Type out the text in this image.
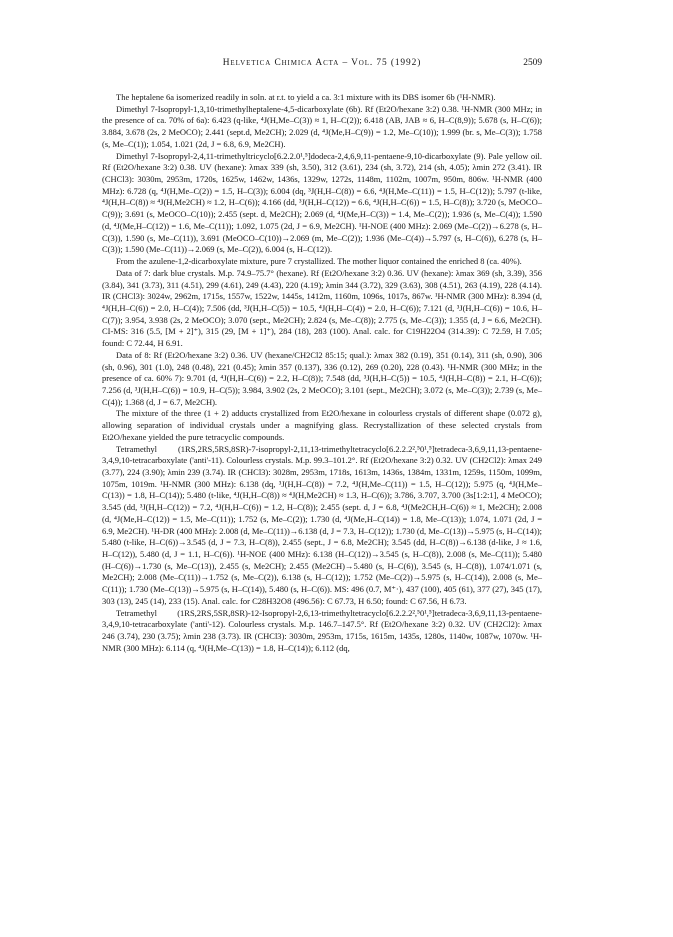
Helvetica Chimica Acta – Vol. 75 (1992)	2509

The heptalene 6a isomerized readily in soln. at r.t. to yield a ca. 3:1 mixture with its DBS isomer 6b (¹H-NMR).

Dimethyl 7-Isopropyl-1,3,10-trimethylheptalene-4,5-dicarboxylate (6b). Rf (Et2O/hexane 3:2) 0.38. ¹H-NMR (300 MHz; in the presence of ca. 70% of 6a): 6.423 (q-like, ⁴J(H,Me–C(3)) ≈ 1, H–C(2)); 6.418 (AB, JAB ≈ 6, H–C(8,9)); 5.678 (s, H–C(6)); 3.884, 3.678 (2s, 2 MeOCO); 2.441 (sept.d, Me2CH); 2.029 (d, ⁴J(Me,H–C(9)) = 1.2, Me–C(10)); 1.999 (br. s, Me–C(3)); 1.758 (s, Me–C(1)); 1.054, 1.021 (2d, J = 6.8, 6.9, Me2CH).

Dimethyl 7-Isopropyl-2,4,11-trimethyltricyclo[6.2.2.0¹,⁵]dodeca-2,4,6,9,11-pentaene-9,10-dicarboxylate (9). Pale yellow oil. Rf (Et2O/hexane 3:2) 0.38. UV (hexane): λmax 339 (sh, 3.50), 312 (3.61), 234 (sh, 3.72), 214 (sh, 4.05); λmin 272 (3.41). IR (CHCl3): 3030m, 2953m, 1720s, 1625w, 1462w, 1436s, 1329w, 1272s, 1148m, 1102m, 1007m, 950m, 806w. ¹H-NMR (400 MHz): 6.728 (q, ⁴J(H,Me–C(2)) = 1.5, H–C(3)); 6.004 (dq, ³J(H,H–C(8)) = 6.6, ⁴J(H,Me–C(11)) = 1.5, H–C(12)); 5.797 (t-like, ⁴J(H,H–C(8)) ≈ ⁴J(H,Me2CH) ≈ 1.2, H–C(6)); 4.166 (dd, ³J(H,H–C(12)) = 6.6, ⁴J(H,H–C(6)) = 1.5, H–C(8)); 3.720 (s, MeOCO–C(9)); 3.691 (s, MeOCO–C(10)); 2.455 (sept. d, Me2CH); 2.069 (d, ⁴J(Me,H–C(3)) = 1.4, Me–C(2)); 1.936 (s, Me–C(4)); 1.590 (d, ⁴J(Me,H–C(12)) = 1.6, Me–C(11)); 1.092, 1.075 (2d, J = 6.9, Me2CH). ¹H-NOE (400 MHz): 2.069 (Me–C(2))→6.278 (s, H–C(3)), 1.590 (s, Me–C(11)), 3.691 (MeOCO–C(10))→2.069 (m, Me–C(2)); 1.936 (Me–C(4))→5.797 (s, H–C(6)), 6.278 (s, H–C(3)); 1.590 (Me–C(11))→2.069 (s, Me–C(2)), 6.004 (s, H–C(12)).

From the azulene-1,2-dicarboxylate mixture, pure 7 crystallized. The mother liquor contained the enriched 8 (ca. 40%).

Data of 7: dark blue crystals. M.p. 74.9–75.7° (hexane). Rf (Et2O/hexane 3:2) 0.36. UV (hexane): λmax 369 (sh, 3.39), 356 (3.84), 341 (3.73), 311 (4.51), 299 (4.61), 249 (4.43), 220 (4.19); λmin 344 (3.72), 329 (3.63), 308 (4.51), 263 (4.19), 228 (4.14). IR (CHCl3): 3024w, 2962m, 1715s, 1557w, 1522w, 1445s, 1412m, 1160m, 1096s, 1017s, 867w. ¹H-NMR (300 MHz): 8.394 (d, ⁴J(H,H–C(6)) = 2.0, H–C(4)); 7.506 (dd, ³J(H,H–C(5)) = 10.5, ⁴J(H,H–C(4)) = 2.0, H–C(6)); 7.121 (d, ³J(H,H–C(6)) = 10.6, H–C(7)); 3.954, 3.938 (2s, 2 MeOCO); 3.070 (sept., Me2CH); 2.824 (s, Me–C(8)); 2.775 (s, Me–C(3)); 1.355 (d, J = 6.6, Me2CH). CI-MS: 316 (5.5, [M + 2]⁺), 315 (29, [M + 1]⁺), 284 (18), 283 (100). Anal. calc. for C19H22O4 (314.39): C 72.59, H 7.05; found: C 72.44, H 6.91.

Data of 8: Rf (Et2O/hexane 3:2) 0.36. UV (hexane/CH2Cl2 85:15; qual.): λmax 382 (0.19), 351 (0.14), 311 (sh, 0.90), 306 (sh, 0.96), 301 (1.0), 248 (0.48), 221 (0.45); λmin 357 (0.137), 336 (0.12), 269 (0.20), 228 (0.43). ¹H-NMR (300 MHz; in the presence of ca. 60% 7): 9.701 (d, ⁴J(H,H–C(6)) = 2.2, H–C(8)); 7.548 (dd, ³J(H,H–C(5)) = 10.5, ⁴J(H,H–C(8)) = 2.1, H–C(6)); 7.256 (d, ³J(H,H–C(6)) = 10.9, H–C(5)); 3.984, 3.902 (2s, 2 MeOCO); 3.101 (sept., Me2CH); 3.072 (s, Me–C(3)); 2.739 (s, Me–C(4)); 1.368 (d, J = 6.7, Me2CH).

The mixture of the three (1 + 2) adducts crystallized from Et2O/hexane in colourless crystals of different shape (0.072 g), allowing separation of individual crystals under a magnifying glass. Recrystallization of these selected crystals from Et2O/hexane yielded the pure tetracyclic compounds.

Tetramethyl (1RS,2RS,5RS,8SR)-7-isopropyl-2,11,13-trimethyltetracyclo[6.2.2.2²,⁵0¹,⁵]tetradeca-3,6,9,11,13-pentaene-3,4,9,10-tetracarboxylate ('anti'-11). Colourless crystals. M.p. 99.3–101.2°. Rf (Et2O/hexane 3:2) 0.32. UV (CH2Cl2): λmax 249 (3.77), 224 (3.90); λmin 239 (3.74). IR (CHCl3): 3028m, 2953m, 1718s, 1613m, 1436s, 1384m, 1331m, 1259s, 1150m, 1099m, 1075m, 1019m. ¹H-NMR (300 MHz): 6.138 (dq, ³J(H,H–C(8)) = 7.2, ⁴J(H,Me–C(11)) = 1.5, H–C(12)); 5.975 (q, ⁴J(H,Me–C(13)) = 1.8, H–C(14)); 5.480 (t-like, ⁴J(H,H–C(8)) ≈ ⁴J(H,Me2CH) ≈ 1.3, H–C(6)); 3.786, 3.707, 3.700 (3s[1:2:1], 4 MeOCO); 3.545 (dd, ³J(H,H–C(12)) = 7.2, ⁴J(H,H–C(6)) = 1.2, H–C(8)); 2.455 (sept. d, J = 6.8, ⁴J(Me2CH,H–C(6)) ≈ 1, Me2CH); 2.008 (d, ⁴J(Me,H–C(12)) = 1.5, Me–C(11)); 1.752 (s, Me–C(2)); 1.730 (d, ⁴J(Me,H–C(14)) = 1.8, Me–C(13)); 1.074, 1.071 (2d, J = 6.9, Me2CH). ¹H-DR (400 MHz): 2.008 (d, Me–C(11))→6.138 (d, J = 7.3, H–C(12)); 1.730 (d, Me–C(13))→5.975 (s, H–C(14)); 5.480 (t-like, H–C(6))→3.545 (d, J = 7.3, H–C(8)), 2.455 (sept., J = 6.8, Me2CH); 3.545 (dd, H–C(8))→6.138 (d-like, J ≈ 1.6, H–C(12)), 5.480 (d, J = 1.1, H–C(6)). ¹H-NOE (400 MHz): 6.138 (H–C(12))→3.545 (s, H–C(8)), 2.008 (s, Me–C(11)); 5.480 (H–C(6))→1.730 (s, Me–C(13)), 2.455 (s, Me2CH); 2.455 (Me2CH)→5.480 (s, H–C(6)), 3.545 (s, H–C(8)), 1.074/1.071 (s, Me2CH); 2.008 (Me–C(11))→1.752 (s, Me–C(2)), 6.138 (s, H–C(12)); 1.752 (Me–C(2))→5.975 (s, H–C(14)), 2.008 (s, Me–C(11)); 1.730 (Me–C(13))→5.975 (s, H–C(14)), 5.480 (s, H–C(6)). MS: 496 (0.7, M⁺·), 437 (100), 405 (61), 377 (27), 345 (17), 303 (13), 245 (14), 233 (15). Anal. calc. for C28H32O8 (496.56): C 67.73, H 6.50; found: C 67.56, H 6.73.

Tetramethyl (1RS,2RS,5SR,8SR)-12-Isopropyl-2,6,13-trimethyltetracyclo[6.2.2.2²,⁵0¹,⁵]tetradeca-3,6,9,11,13-pentaene-3,4,9,10-tetracarboxylate ('anti'-12). Colourless crystals. M.p. 146.7–147.5°. Rf (Et2O/hexane 3:2) 0.32. UV (CH2Cl2): λmax 246 (3.74), 230 (3.75); λmin 238 (3.73). IR (CHCl3): 3030m, 2953m, 1715s, 1615m, 1435s, 1280s, 1140w, 1087w, 1070w. ¹H-NMR (300 MHz): 6.114 (q, ⁴J(H,Me–C(13)) = 1.8, H–C(14)); 6.112 (dq,
